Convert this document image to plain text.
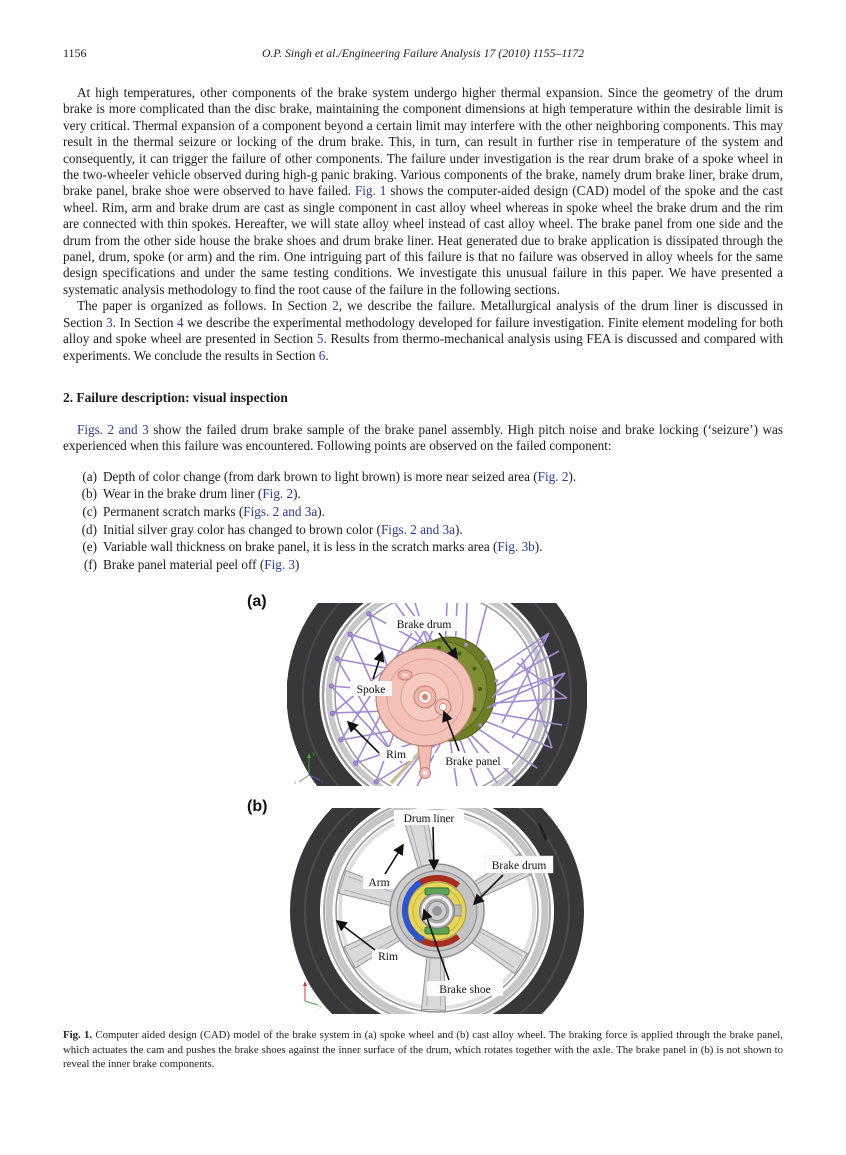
1156	O.P. Singh et al./Engineering Failure Analysis 17 (2010) 1155–1172

At high temperatures, other components of the brake system undergo higher thermal expansion. Since the geometry of the drum brake is more complicated than the disc brake, maintaining the component dimensions at high temperature within the desirable limit is very critical. Thermal expansion of a component beyond a certain limit may interfere with the other neighboring components. This may result in the thermal seizure or locking of the drum brake. This, in turn, can result in further rise in temperature of the system and consequently, it can trigger the failure of other components. The failure under investigation is the rear drum brake of a spoke wheel in the two-wheeler vehicle observed during high-g panic braking. Various components of the brake, namely drum brake liner, brake drum, brake panel, brake shoe were observed to have failed. Fig. 1 shows the computer-aided design (CAD) model of the spoke and the cast wheel. Rim, arm and brake drum are cast as single component in cast alloy wheel whereas in spoke wheel the brake drum and the rim are connected with thin spokes. Hereafter, we will state alloy wheel instead of cast alloy wheel. The brake panel from one side and the drum from the other side house the brake shoes and drum brake liner. Heat generated due to brake application is dissipated through the panel, drum, spoke (or arm) and the rim. One intriguing part of this failure is that no failure was observed in alloy wheels for the same design specifications and under the same testing conditions. We investigate this unusual failure in this paper. We have presented a systematic analysis methodology to find the root cause of the failure in the following sections.

The paper is organized as follows. In Section 2, we describe the failure. Metallurgical analysis of the drum liner is discussed in Section 3. In Section 4 we describe the experimental methodology developed for failure investigation. Finite element modeling for both alloy and spoke wheel are presented in Section 5. Results from thermo-mechanical analysis using FEA is discussed and compared with experiments. We conclude the results in Section 6.

2. Failure description: visual inspection

Figs. 2 and 3 show the failed drum brake sample of the brake panel assembly. High pitch noise and brake locking (‘seizure’) was experienced when this failure was encountered. Following points are observed on the failed component:

(a) Depth of color change (from dark brown to light brown) is more near seized area (Fig. 2).
(b) Wear in the brake drum liner (Fig. 2).
(c) Permanent scratch marks (Figs. 2 and 3a).
(d) Initial silver gray color has changed to brown color (Figs. 2 and 3a).
(e) Variable wall thickness on brake panel, it is less in the scratch marks area (Fig. 3b).
(f) Brake panel material peel off (Fig. 3)
(a)
Brake drum
Spoke
Rim
Brake panel
Y
x	z
(b)
Drum liner
Arm
Brake drum
Rim
Brake shoe
x
y

Fig. 1. Computer aided design (CAD) model of the brake system in (a) spoke wheel and (b) cast alloy wheel. The braking force is applied through the brake panel, which actuates the cam and pushes the brake shoes against the inner surface of the drum, which rotates together with the axle. The brake panel in (b) is not shown to reveal the inner brake components.
